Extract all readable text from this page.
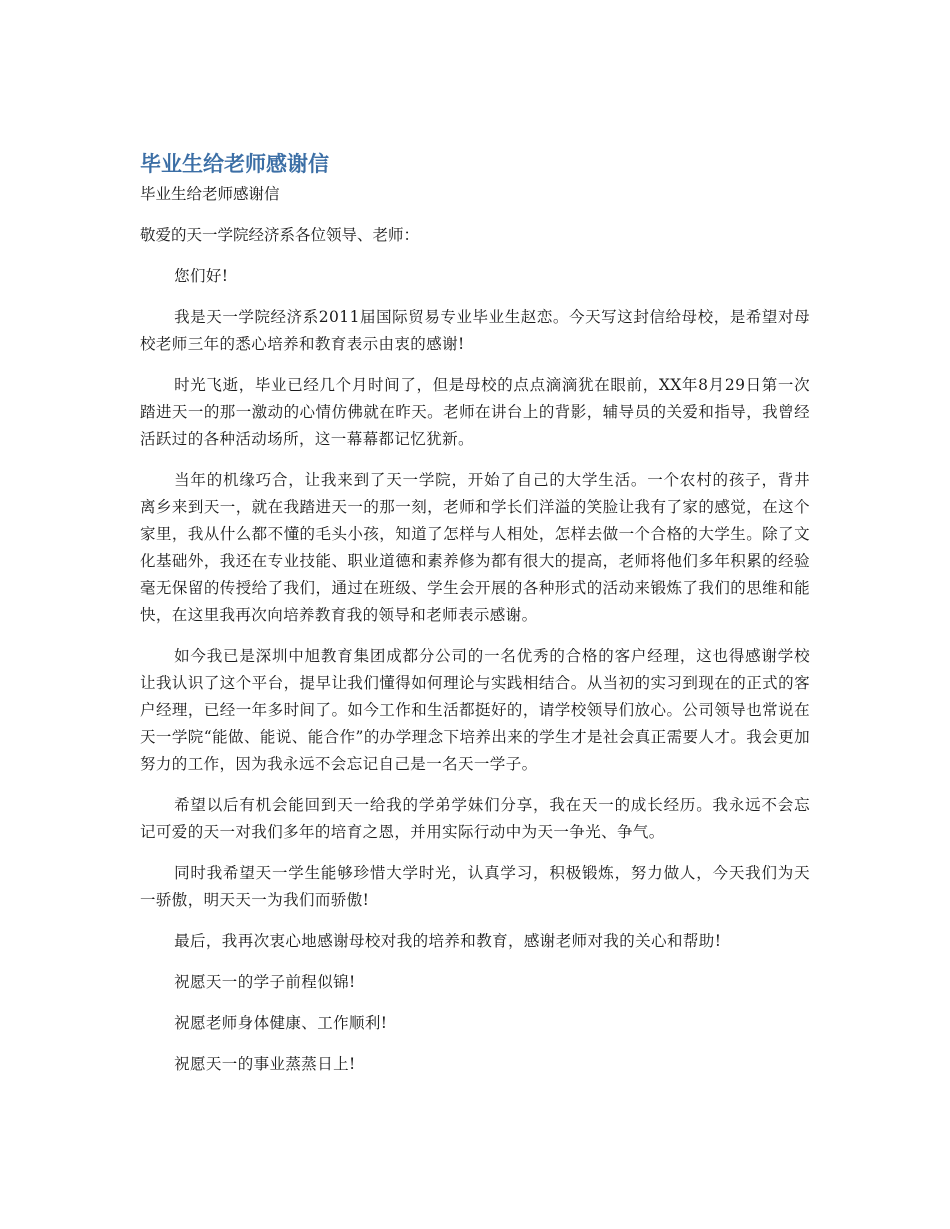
毕业生给老师感谢信
毕业生给老师感谢信
敬爱的天一学院经济系各位领导、老师：

您们好!

我是天一学院经济系2011届国际贸易专业毕业生赵恋。今天写这封信给母校，是希望对母校老师三年的悉心培养和教育表示由衷的感谢!

时光飞逝，毕业已经几个月时间了，但是母校的点点滴滴犹在眼前，XX年8月29日第一次踏进天一的那一激动的心情仿佛就在昨天。老师在讲台上的背影，辅导员的关爱和指导，我曾经活跃过的各种活动场所，这一幕幕都记忆犹新。

当年的机缘巧合，让我来到了天一学院，开始了自己的大学生活。一个农村的孩子，背井离乡来到天一，就在我踏进天一的那一刻，老师和学长们洋溢的笑脸让我有了家的感觉，在这个家里，我从什么都不懂的毛头小孩，知道了怎样与人相处，怎样去做一个合格的大学生。除了文化基础外，我还在专业技能、职业道德和素养修为都有很大的提高，老师将他们多年积累的经验毫无保留的传授给了我们，通过在班级、学生会开展的各种形式的活动来锻炼了我们的思维和能快，在这里我再次向培养教育我的领导和老师表示感谢。

如今我已是深圳中旭教育集团成都分公司的一名优秀的合格的客户经理，这也得感谢学校让我认识了这个平台，提早让我们懂得如何理论与实践相结合。从当初的实习到现在的正式的客户经理，已经一年多时间了。如今工作和生活都挺好的，请学校领导们放心。公司领导也常说在天一学院“能做、能说、能合作”的办学理念下培养出来的学生才是社会真正需要人才。我会更加努力的工作，因为我永远不会忘记自己是一名天一学子。

希望以后有机会能回到天一给我的学弟学妹们分享，我在天一的成长经历。我永远不会忘记可爱的天一对我们多年的培育之恩，并用实际行动中为天一争光、争气。

同时我希望天一学生能够珍惜大学时光，认真学习，积极锻炼，努力做人，今天我们为天一骄傲，明天天一为我们而骄傲!

最后，我再次衷心地感谢母校对我的培养和教育，感谢老师对我的关心和帮助!

祝愿天一的学子前程似锦!

祝愿老师身体健康、工作顺利!

祝愿天一的事业蒸蒸日上!
